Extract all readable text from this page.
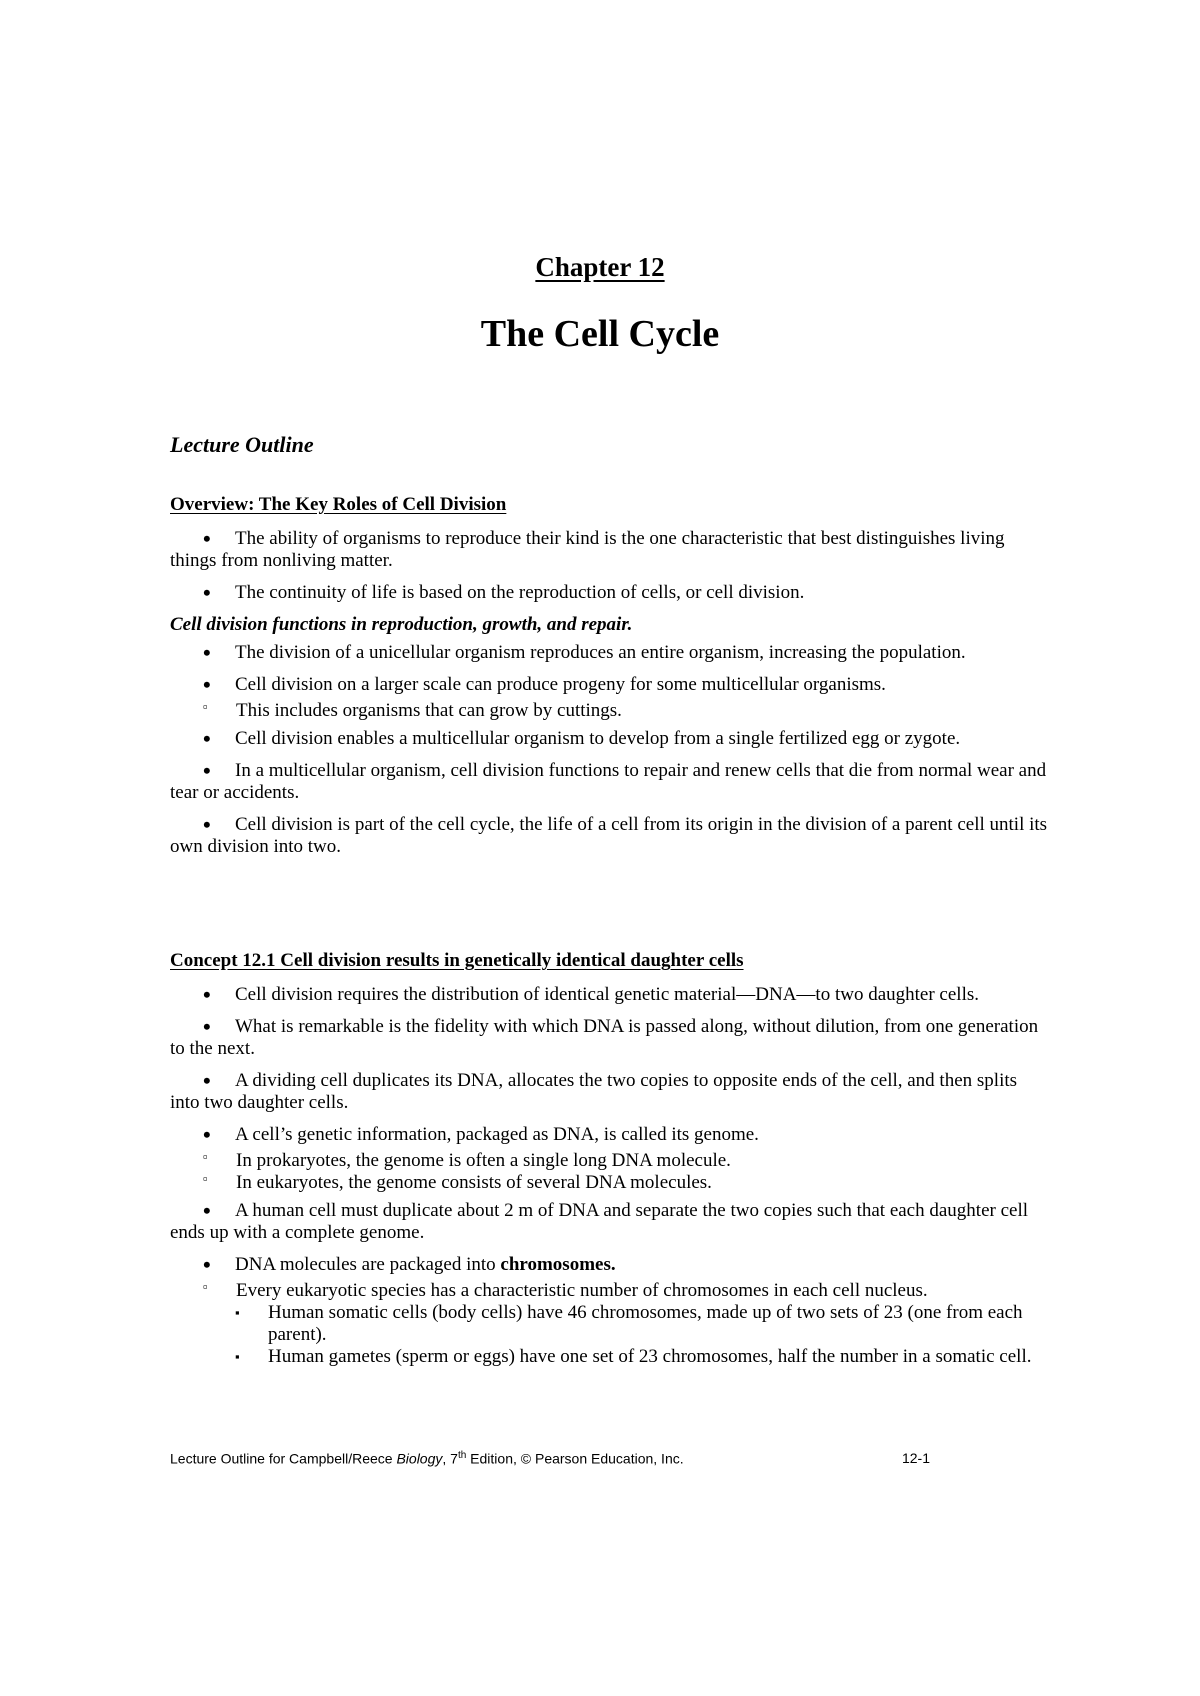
Chapter 12
The Cell Cycle
Lecture Outline
Overview: The Key Roles of Cell Division
• The ability of organisms to reproduce their kind is the one characteristic that best distinguishes living things from nonliving matter.
• The continuity of life is based on the reproduction of cells, or cell division.
Cell division functions in reproduction, growth, and repair.
• The division of a unicellular organism reproduces an entire organism, increasing the population.
• Cell division on a larger scale can produce progeny for some multicellular organisms.
▫ This includes organisms that can grow by cuttings.
• Cell division enables a multicellular organism to develop from a single fertilized egg or zygote.
• In a multicellular organism, cell division functions to repair and renew cells that die from normal wear and tear or accidents.
• Cell division is part of the cell cycle, the life of a cell from its origin in the division of a parent cell until its own division into two.
Concept 12.1 Cell division results in genetically identical daughter cells
• Cell division requires the distribution of identical genetic material—DNA—to two daughter cells.
• What is remarkable is the fidelity with which DNA is passed along, without dilution, from one generation to the next.
• A dividing cell duplicates its DNA, allocates the two copies to opposite ends of the cell, and then splits into two daughter cells.
• A cell’s genetic information, packaged as DNA, is called its genome.
▫ In prokaryotes, the genome is often a single long DNA molecule.
▫ In eukaryotes, the genome consists of several DNA molecules.
• A human cell must duplicate about 2 m of DNA and separate the two copies such that each daughter cell ends up with a complete genome.
• DNA molecules are packaged into chromosomes.
▫ Every eukaryotic species has a characteristic number of chromosomes in each cell nucleus.
▪ Human somatic cells (body cells) have 46 chromosomes, made up of two sets of 23 (one from each parent).
▪ Human gametes (sperm or eggs) have one set of 23 chromosomes, half the number in a somatic cell.
Lecture Outline for Campbell/Reece Biology, 7th Edition, © Pearson Education, Inc.	12-1
